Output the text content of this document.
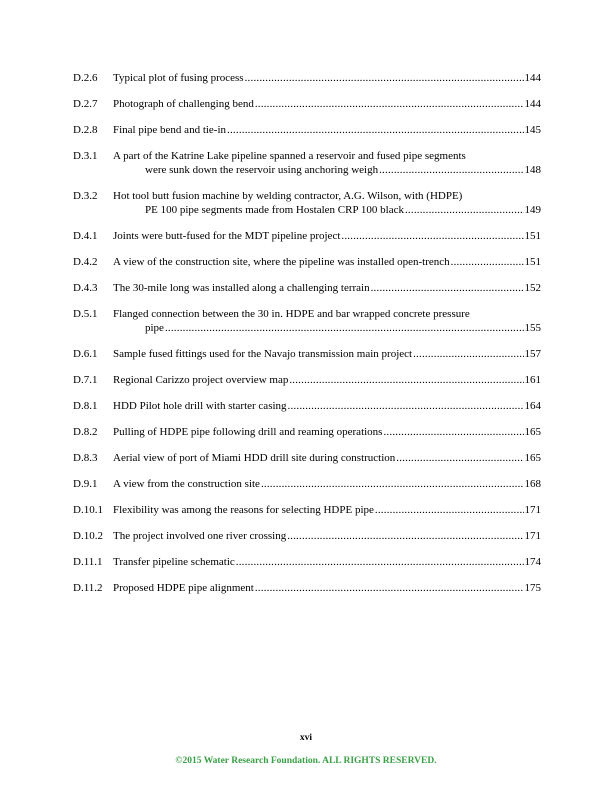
D.2.6	Typical plot of fusing process .....	144
D.2.7	Photograph of challenging bend .....	144
D.2.8	Final pipe bend and tie-in .....	145
D.3.1	A part of the Katrine Lake pipeline spanned a reservoir and fused pipe segments
were sunk down the reservoir using anchoring weigh .....	148
D.3.2	Hot tool butt fusion machine by welding contractor, A.G. Wilson, with (HDPE)
PE 100 pipe segments made from Hostalen CRP 100 black .....	149
D.4.1	Joints were butt-fused for the MDT pipeline project .....	151
D.4.2	A view of the construction site, where the pipeline was installed open-trench .....	151
D.4.3	The 30-mile long was installed along a challenging terrain .....	152
D.5.1	Flanged connection between the 30 in. HDPE and bar wrapped concrete pressure
pipe .....	155
D.6.1	Sample fused fittings used for the Navajo transmission main project .....	157
D.7.1	Regional Carizzo project overview map .....	161
D.8.1	HDD Pilot hole drill with starter casing .....	164
D.8.2	Pulling of HDPE pipe following drill and reaming operations .....	165
D.8.3	Aerial view of port of Miami HDD drill site during construction .....	165
D.9.1	A view from the construction site .....	168
D.10.1 Flexibility was among the reasons for selecting HDPE pipe .....	171
D.10.2 The project involved one river crossing .....	171
D.11.1 Transfer pipeline schematic .....	174
D.11.2 Proposed HDPE pipe alignment .....	175
xvi
©2015 Water Research Foundation. ALL RIGHTS RESERVED.
